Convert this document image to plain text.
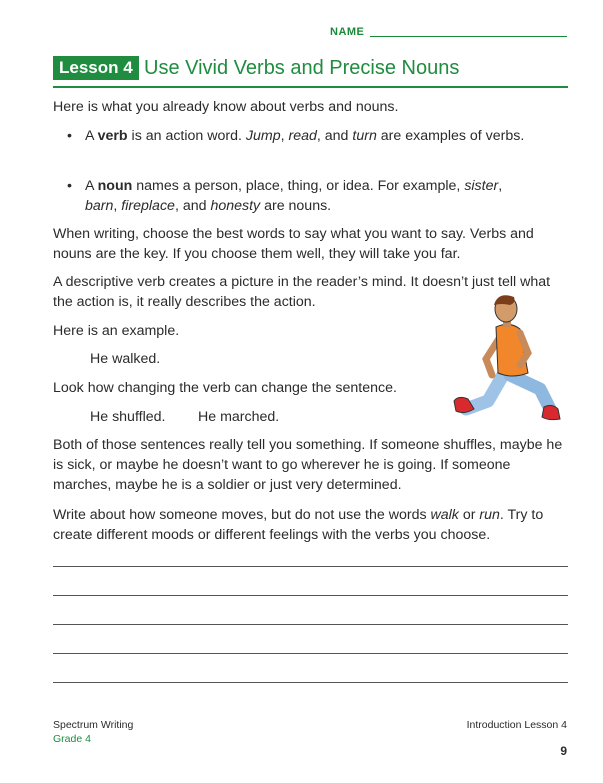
NAME
Lesson 4 Use Vivid Verbs and Precise Nouns

Here is what you already know about verbs and nouns.

• A verb is an action word. Jump, read, and turn are examples of verbs.

• A noun names a person, place, thing, or idea. For example, sister, barn, fireplace, and honesty are nouns.

When writing, choose the best words to say what you want to say. Verbs and nouns are the key. If you choose them well, they will take you far.

A descriptive verb creates a picture in the reader’s mind. It doesn’t just tell what the action is, it really describes the action.

Here is an example.

He walked.

Look how changing the verb can change the sentence.

He shuffled. He marched.

Both of those sentences really tell you something. If someone shuffles, maybe he is sick, or maybe he doesn’t want to go wherever he is going. If someone marches, maybe he is a soldier or just very determined.

Write about how someone moves, but do not use the words walk or run. Try to create different moods or different feelings with the verbs you choose.

Spectrum Writing
Grade 4
Introduction Lesson 4
9
